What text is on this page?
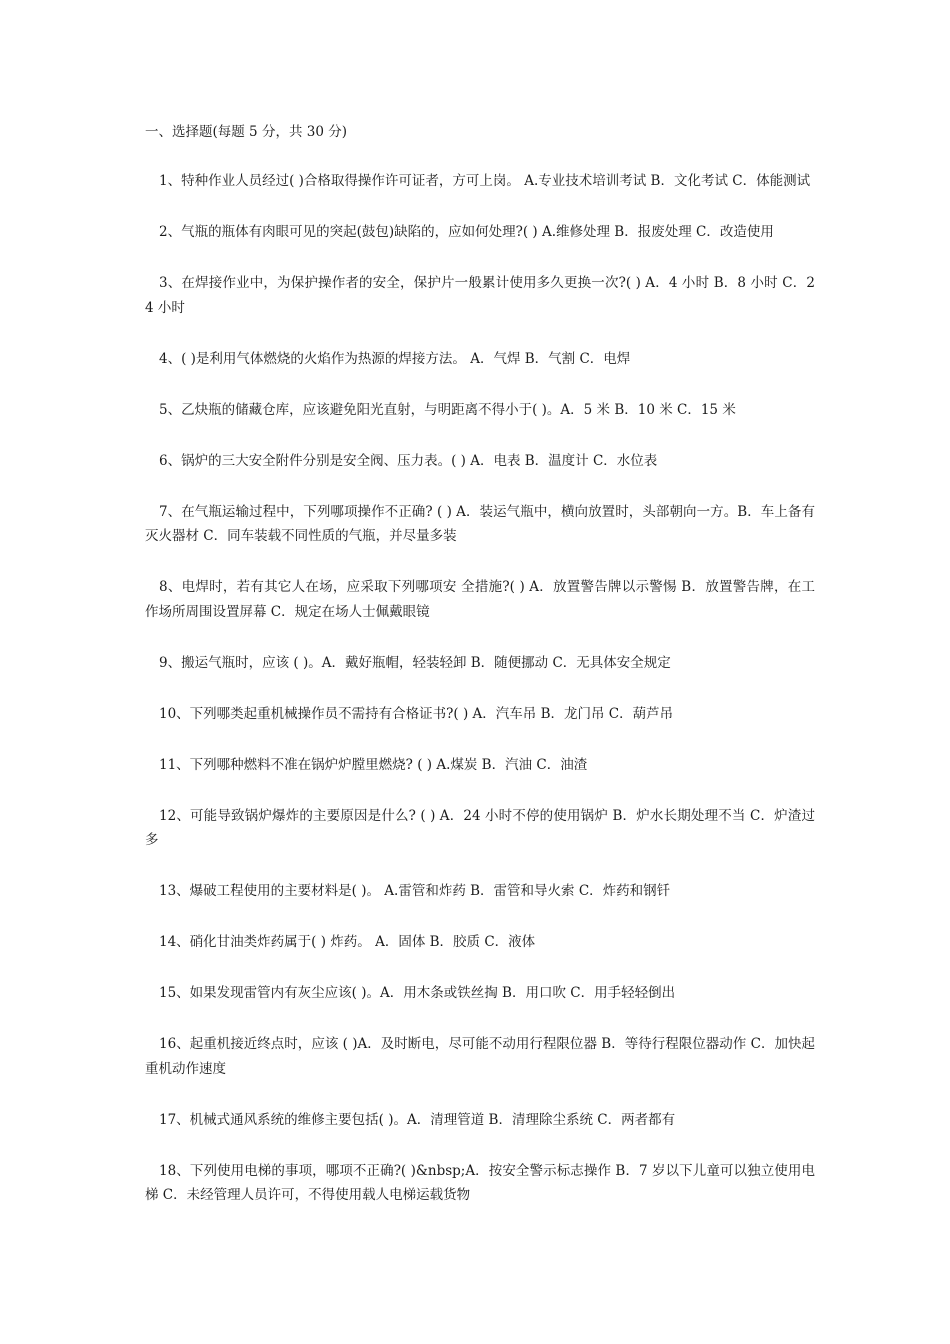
一、选择题(每题 5 分，共 30 分)
1、特种作业人员经过( )合格取得操作许可证者，方可上岗。 A.专业技术培训考试 B．文化考试 C．体能测试
2、气瓶的瓶体有肉眼可见的突起(鼓包)缺陷的，应如何处理?( ) A.维修处理 B．报废处理 C．改造使用
3、在焊接作业中，为保护操作者的安全，保护片一般累计使用多久更换一次?( ) A．4 小时 B．8 小时 C．24 小时
4、( )是利用气体燃烧的火焰作为热源的焊接方法。 A．气焊 B．气割 C．电焊
5、乙炔瓶的储藏仓库，应该避免阳光直射，与明距离不得小于( )。A．5 米 B．10 米 C．15 米
6、锅炉的三大安全附件分别是安全阀、压力表。( ) A．电表 B．温度计 C．水位表
7、在气瓶运输过程中，下列哪项操作不正确? ( ) A．装运气瓶中，横向放置时，头部朝向一方。B．车上备有灭火器材 C．同车装载不同性质的气瓶，并尽量多装
8、电焊时，若有其它人在场，应采取下列哪项安 全措施?( ) A．放置警告牌以示警惕 B．放置警告牌，在工作场所周围设置屏幕 C．规定在场人士佩戴眼镜
9、搬运气瓶时，应该 ( )。A．戴好瓶帽，轻装轻卸 B．随便挪动 C．无具体安全规定
10、下列哪类起重机械操作员不需持有合格证书?( ) A．汽车吊 B．龙门吊 C．葫芦吊
11、下列哪种燃料不准在锅炉炉膛里燃烧? ( ) A.煤炭 B．汽油 C．油渣
12、可能导致锅炉爆炸的主要原因是什么? ( ) A．24 小时不停的使用锅炉 B．炉水长期处理不当 C．炉渣过多
13、爆破工程使用的主要材料是( )。 A.雷管和炸药 B．雷管和导火索 C．炸药和钢钎
14、硝化甘油类炸药属于( ) 炸药。 A．固体 B．胶质 C．液体
15、如果发现雷管内有灰尘应该( )。A．用木条或铁丝掏 B．用口吹 C．用手轻轻倒出
16、起重机接近终点时，应该 ( )A．及时断电，尽可能不动用行程限位器 B．等待行程限位器动作 C．加快起重机动作速度
17、机械式通风系统的维修主要包括( )。A．清理管道 B．清理除尘系统 C．两者都有
18、下列使用电梯的事项，哪项不正确?( )&nbsp;A．按安全警示标志操作 B．7 岁以下儿童可以独立使用电梯 C．未经管理人员许可，不得使用载人电梯运载货物
